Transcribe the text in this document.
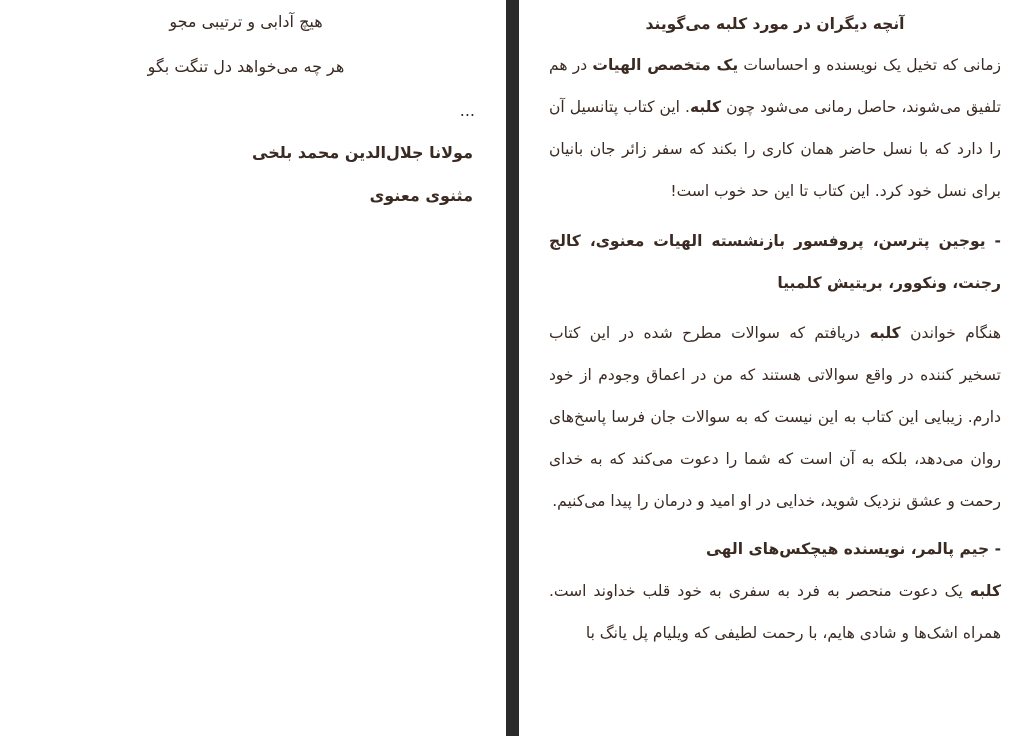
هیچ آدابی و ترتیبی مجو
هر چه می‌خواهد دل تنگت بگو
...
مولانا جلال‌الدین محمد بلخی
مثنوی معنوی

آنچه دیگران در مورد کلبه می‌گویند

زمانی که تخیل یک نویسنده و احساسات یک متخصص الهیات در هم تلفیق می‌شوند، حاصل رمانی می‌شود چون کلبه. این کتاب پتانسیل آن را دارد که با نسل حاضر همان کاری را بکند که سفر زائر جان بانیان برای نسل خود کرد. این کتاب تا این حد خوب است!

- یوجین پترسن، پروفسور بازنشسته الهیات معنوی، کالج رجنت، ونکوور، بریتیش کلمبیا

هنگام خواندن کلبه دریافتم که سوالات مطرح شده در این کتاب تسخیر کننده در واقع سوالاتی هستند که من در اعماق وجودم از خود دارم. زیبایی این کتاب به این نیست که به سوالات جان فرسا پاسخ‌های روان می‌دهد، بلکه به آن است که شما را دعوت می‌کند که به خدای رحمت و عشق نزدیک شوید، خدایی در او امید و درمان را پیدا می‌کنیم.

- جیم پالمر، نویسنده هیچکس‌های الهی

کلبه یک دعوت منحصر به فرد به سفری به خود قلب خداوند است. همراه اشک‌ها و شادی هایم، با رحمت لطیفی که ویلیام پل یانگ با
